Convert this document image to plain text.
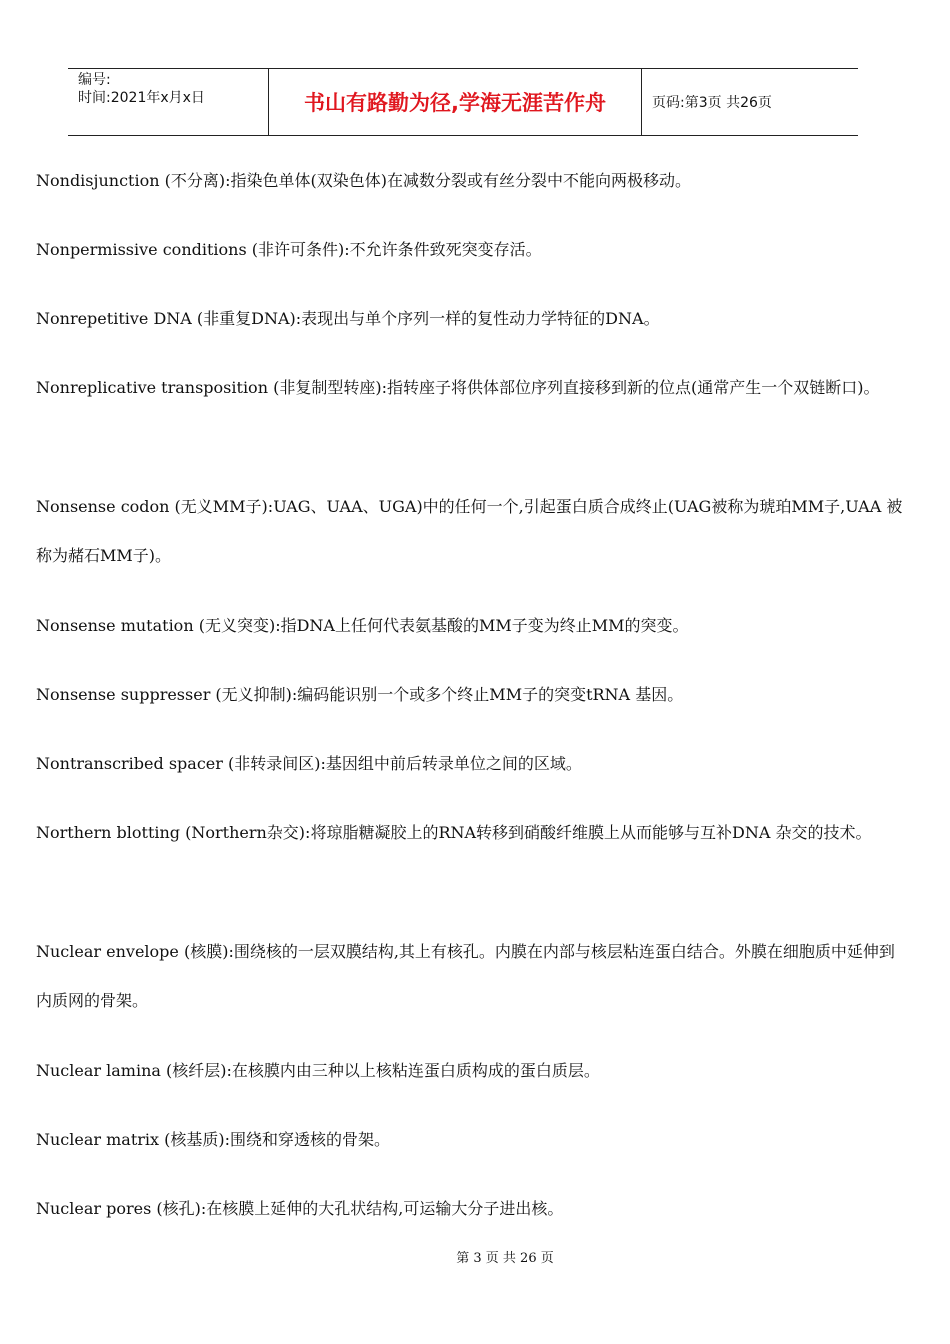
编号:
时间:2021年x月x日	书山有路勤为径,学海无涯苦作舟	页码:第3页 共26页
Nondisjunction (不分离):指染色单体(双染色体)在减数分裂或有丝分裂中不能向两极移动。
Nonpermissive conditions (非许可条件):不允许条件致死突变存活。
Nonrepetitive DNA (非重复DNA):表现出与单个序列一样的复性动力学特征的DNA。
Nonreplicative transposition (非复制型转座):指转座子将供体部位序列直接移到新的位点(通常产生一个双链断口)。
Nonsense codon (无义MM子):UAG、UAA、UGA)中的任何一个,引起蛋白质合成终止(UAG被称为琥珀MM子,UAA 被称为赭石MM子)。
Nonsense mutation (无义突变):指DNA上任何代表氨基酸的MM子变为终止MM的突变。
Nonsense suppresser (无义抑制):编码能识别一个或多个终止MM子的突变tRNA 基因。
Nontranscribed spacer (非转录间区):基因组中前后转录单位之间的区域。
Northern blotting (Northern杂交):将琼脂糖凝胶上的RNA转移到硝酸纤维膜上从而能够与互补DNA 杂交的技术。
Nuclear envelope (核膜):围绕核的一层双膜结构,其上有核孔。内膜在内部与核层粘连蛋白结合。外膜在细胞质中延伸到内质网的骨架。
Nuclear lamina (核纤层):在核膜内由三种以上核粘连蛋白质构成的蛋白质层。
Nuclear matrix (核基质):围绕和穿透核的骨架。
Nuclear pores (核孔):在核膜上延伸的大孔状结构,可运输大分子进出核。
第 3 页 共 26 页
